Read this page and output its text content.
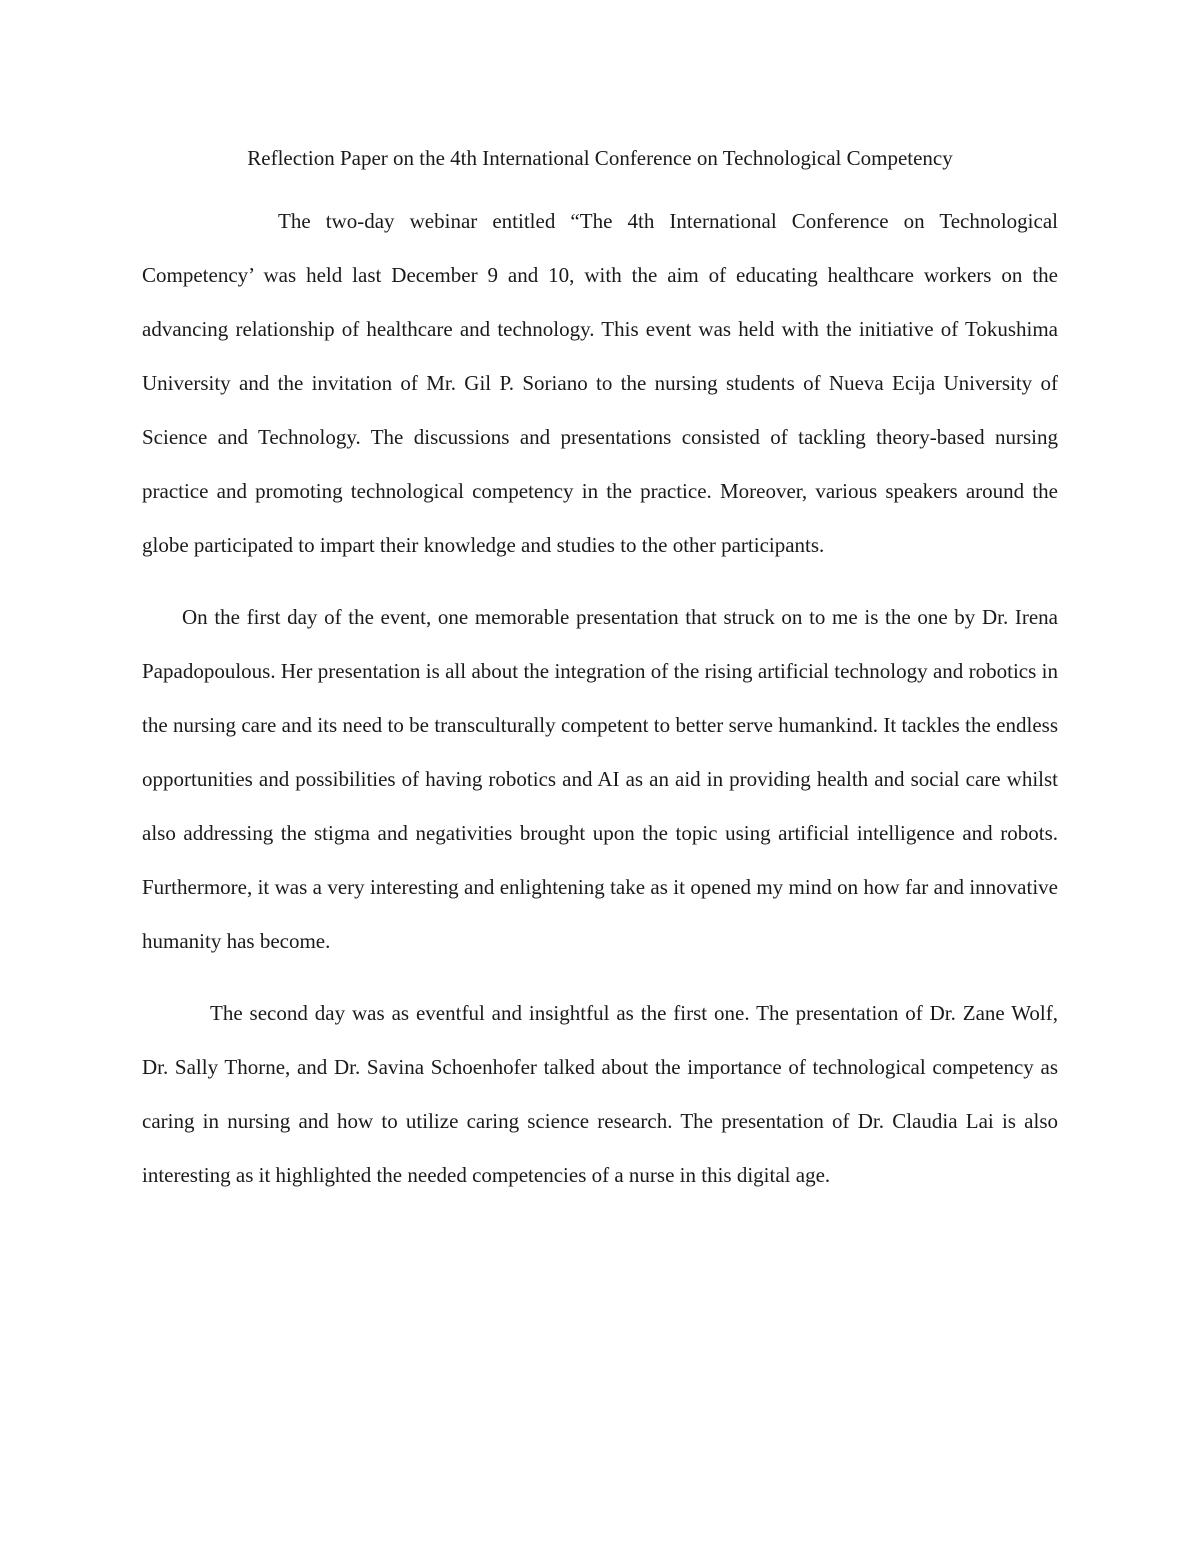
Reflection Paper on the 4th International Conference on Technological Competency

The two-day webinar entitled “The 4th International Conference on Technological Competency’ was held last December 9 and 10, with the aim of educating healthcare workers on the advancing relationship of healthcare and technology. This event was held with the initiative of Tokushima University and the invitation of Mr. Gil P. Soriano to the nursing students of Nueva Ecija University of Science and Technology. The discussions and presentations consisted of tackling theory-based nursing practice and promoting technological competency in the practice. Moreover, various speakers around the globe participated to impart their knowledge and studies to the other participants.

On the first day of the event, one memorable presentation that struck on to me is the one by Dr. Irena Papadopoulous. Her presentation is all about the integration of the rising artificial technology and robotics in the nursing care and its need to be transculturally competent to better serve humankind. It tackles the endless opportunities and possibilities of having robotics and AI as an aid in providing health and social care whilst also addressing the stigma and negativities brought upon the topic using artificial intelligence and robots. Furthermore, it was a very interesting and enlightening take as it opened my mind on how far and innovative humanity has become.

The second day was as eventful and insightful as the first one. The presentation of Dr. Zane Wolf, Dr. Sally Thorne, and Dr. Savina Schoenhofer talked about the importance of technological competency as caring in nursing and how to utilize caring science research. The presentation of Dr. Claudia Lai is also interesting as it highlighted the needed competencies of a nurse in this digital age.
